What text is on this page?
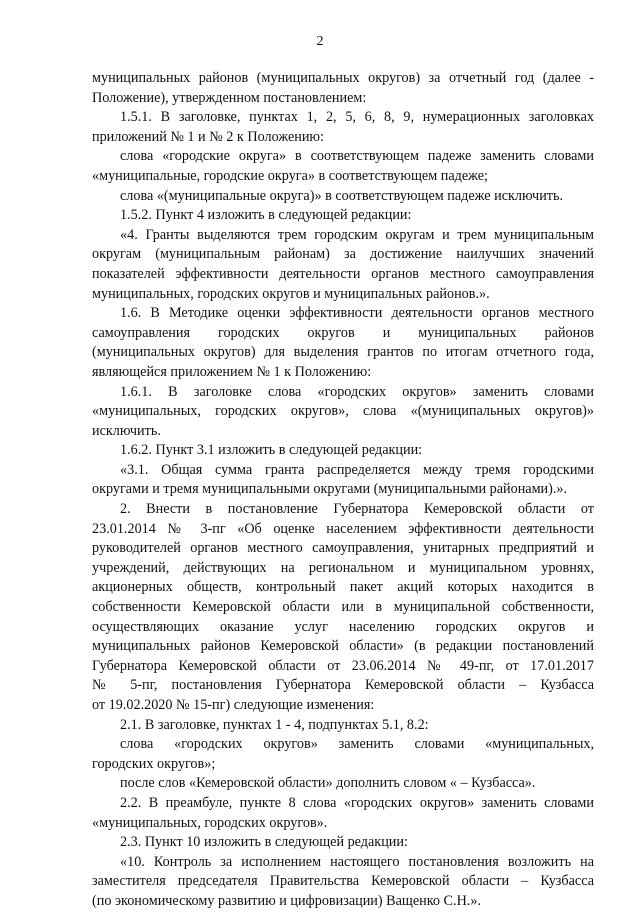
2
муниципальных районов (муниципальных округов) за отчетный год (далее -
Положение), утвержденном постановлением:
1.5.1. В заголовке, пунктах 1, 2, 5, 6, 8, 9, нумерационных заголовках
приложений № 1 и № 2 к Положению:
слова «городские округа» в соответствующем падеже заменить словами
«муниципальные, городские округа» в соответствующем падеже;
слова «(муниципальные округа)» в соответствующем падеже исключить.
1.5.2. Пункт 4 изложить в следующей редакции:
«4. Гранты выделяются трем городским округам и трем муниципальным
округам (муниципальным районам) за достижение наилучших значений
показателей эффективности деятельности органов местного самоуправления
муниципальных, городских округов и муниципальных районов.».
1.6. В Методике оценки эффективности деятельности органов местного
самоуправления городских округов и муниципальных районов
(муниципальных округов) для выделения грантов по итогам отчетного года,
являющейся приложением № 1 к Положению:
1.6.1. В заголовке слова «городских округов» заменить словами
«муниципальных, городских округов», слова «(муниципальных округов)»
исключить.
1.6.2. Пункт 3.1 изложить в следующей редакции:
«3.1. Общая сумма гранта распределяется между тремя городскими
округами и тремя муниципальными округами (муниципальными районами).».
2. Внести в постановление Губернатора Кемеровской области от
23.01.2014 № 3-пг «Об оценке населением эффективности деятельности
руководителей органов местного самоуправления, унитарных предприятий и
учреждений, действующих на региональном и муниципальном уровнях,
акционерных обществ, контрольный пакет акций которых находится в
собственности Кемеровской области или в муниципальной собственности,
осуществляющих оказание услуг населению городских округов и
муниципальных районов Кемеровской области» (в редакции постановлений
Губернатора Кемеровской области от 23.06.2014 № 49-пг, от 17.01.2017
№ 5-пг, постановления Губернатора Кемеровской области – Кузбасса
от 19.02.2020 № 15-пг) следующие изменения:
2.1. В заголовке, пунктах 1 - 4, подпунктах 5.1, 8.2:
слова «городских округов» заменить словами «муниципальных,
городских округов»;
после слов «Кемеровской области» дополнить словом « – Кузбасса».
2.2. В преамбуле, пункте 8 слова «городских округов» заменить словами
«муниципальных, городских округов».
2.3. Пункт 10 изложить в следующей редакции:
«10. Контроль за исполнением настоящего постановления возложить на
заместителя председателя Правительства Кемеровской области – Кузбасса
(по экономическому развитию и цифровизации) Ващенко С.Н.».
